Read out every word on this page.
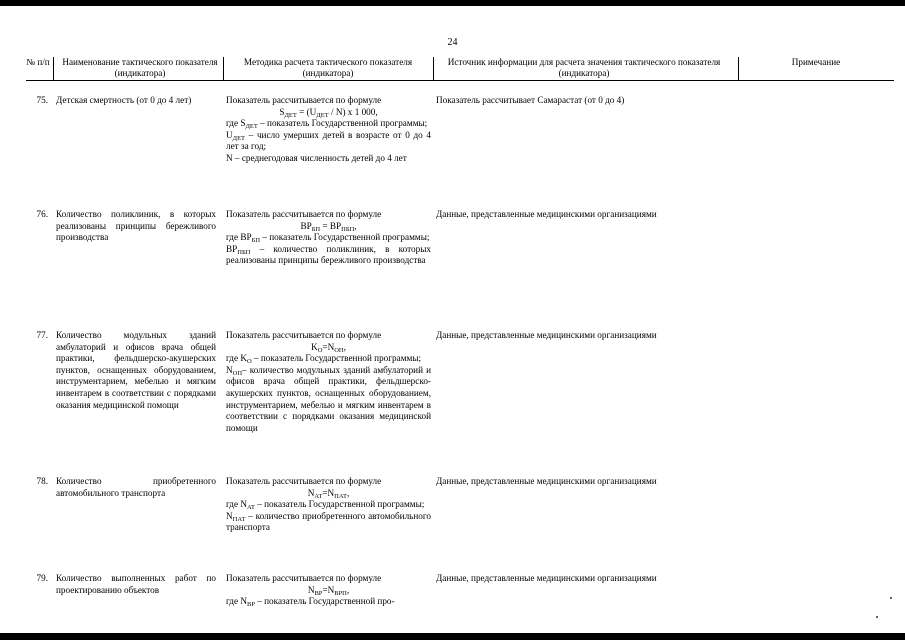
24
№ п/п	Наименование тактического показателя (индикатора)
Методика расчета тактического показателя (индикатора)
Источник информации для расчета значения тактического показателя (индикатора)
Примечание
75. Детская смертность (от 0 до 4 лет)	Показатель рассчитывается по формуле
$S_{ДЕТ} = (U_{ДЕТ} / N)$ x 1 000,
где $S_{ДЕТ}$ – показатель Государственной программы;
$U_{ДЕТ}$ – число умерших детей в возрасте от 0 до 4 лет за год;
N – среднегодовая численность детей до 4 лет
Показатель рассчитывает Самарастат (от 0 до 4)
76. Количество поликлиник, в которых реализованы принципы бережливого производства
Показатель рассчитывается по формуле
$BP_{БП} = BP_{ПБП}$,
где $BP_{БП}$ – показатель Государственной программы;
$BP_{ПБП}$ – количество поликлиник, в которых реализованы принципы бережливого производства
Данные, представленные медицинскими организациями
77. Количество модульных зданий амбулаторий и офисов врача общей практики, фельдшерско-акушерских пунктов, оснащенных оборудованием, инструментарием, мебелью и мягким инвентарем в соответствии с порядками оказания медицинской помощи
Показатель рассчитывается по формуле
$K_O=N_{ОП}$,
где $K_O$ – показатель Государственной программы;
$N_{ОП}-$ количество модульных зданий амбулаторий и офисов врача общей практики, фельдшерско-акушерских пунктов, оснащенных оборудованием, инструментарием, мебелью и мягким инвентарем в соответствии с порядками оказания медицинской помощи
Данные, представленные медицинскими организациями
78. Количество приобретенного автомобильного транспорта
Показатель рассчитывается по формуле
$N_{AT}=N_{ПАТ}$,
где $N_{AT}$ – показатель Государственной программы;
$N_{ПАТ}$ – количество приобретенного автомобильного транспорта
Данные, представленные медицинскими организациями
79. Количество выполненных работ по проектированию объектов
Показатель рассчитывается по формуле
$N_{BP}=N_{ВРП}$,
где $N_{BP}$ – показатель Государственной про-
Данные, представленные медицинскими организациями
